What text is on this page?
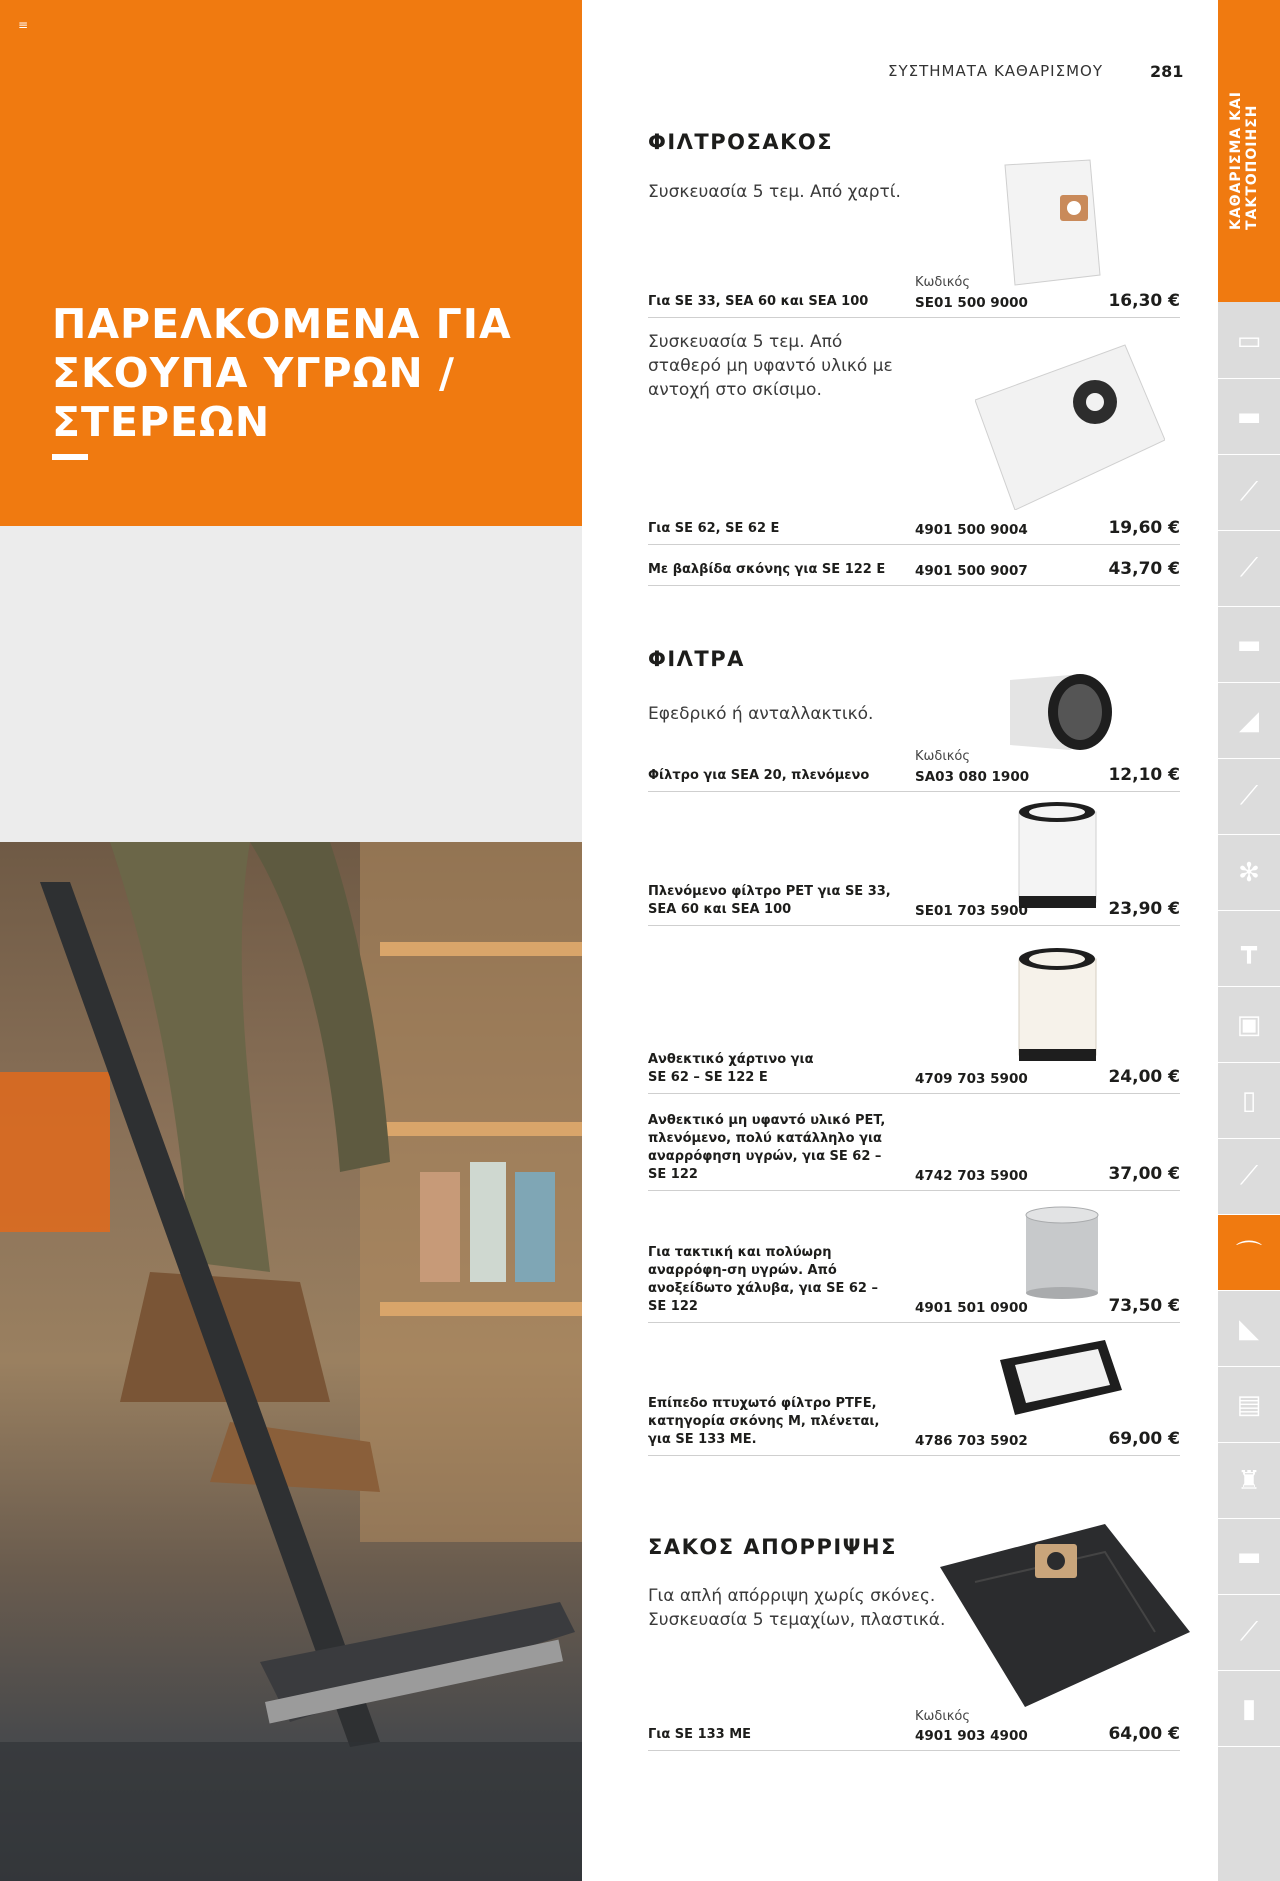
≡
ΠΑΡΕΛΚΟΜΕΝΑ ΓΙΑ
ΣΚΟΥΠΑ ΥΓΡΩΝ /
ΣΤΕΡΕΩΝ
•
•
•
•
ΣΥΣΤΗΜΑΤΑ ΚΑΘΑΡΙΣΜΟΥ	281
ΦΙΛΤΡΟΣΑΚΟΣ
Συσκευασία 5 τεμ. Από χαρτί.
Κωδικός
Για SE 33, SEA 60 και SEA 100	SE01 500 9000	16,30 €
Συσκευασία 5 τεμ. Από σταθερό μη υφαντό υλικό με αντοχή στο σκίσιμο.
Για SE 62, SE 62 E	4901 500 9004	19,60 €
Με βαλβίδα σκόνης για SE 122 E	4901 500 9007	43,70 €
ΦΙΛΤΡΑ
Εφεδρικό ή ανταλλακτικό.
Κωδικός
Φίλτρο για SEA 20, πλενόμενο	SA03 080 1900	12,10 €
Πλενόμενο φίλτρο PET για SE 33, SEA 60 και SEA 100	SE01 703 5900	23,90 €
Ανθεκτικό χάρτινο για
SE 62 – SE 122 E	4709 703 5900	24,00 €
Ανθεκτικό μη υφαντό υλικό PET, πλενόμενο, πολύ κατάλληλο για αναρρόφηση υγρών, για SE 62 – SE 122	4742 703 5900	37,00 €
Για τακτική και πολύωρη αναρρόφη-ση υγρών. Από ανοξείδωτο χάλυβα, για SE 62 – SE 122	4901 501 0900	73,50 €
Επίπεδο πτυχωτό φίλτρο PTFE, κατηγορία σκόνης M, πλένεται, για SE 133 ME.	4786 703 5902	69,00 €
ΣΑΚΟΣ ΑΠΟΡΡΙΨΗΣ
Για απλή απόρριψη χωρίς σκόνες. Συσκευασία 5 τεμαχίων, πλαστικά.
Κωδικός
Για SE 133 ME	4901 903 4900	64,00 €
▭
▬
⟋
⟋
▬
◢
⟋
✻
┳
▣
▯
⟋
⌒
◣
▤
♜
▬
⟋
▮
ΚΑΘΑΡΙΣΜΑ ΚΑΙ
ΤΑΚΤΟΠΟΙΗΣΗ
